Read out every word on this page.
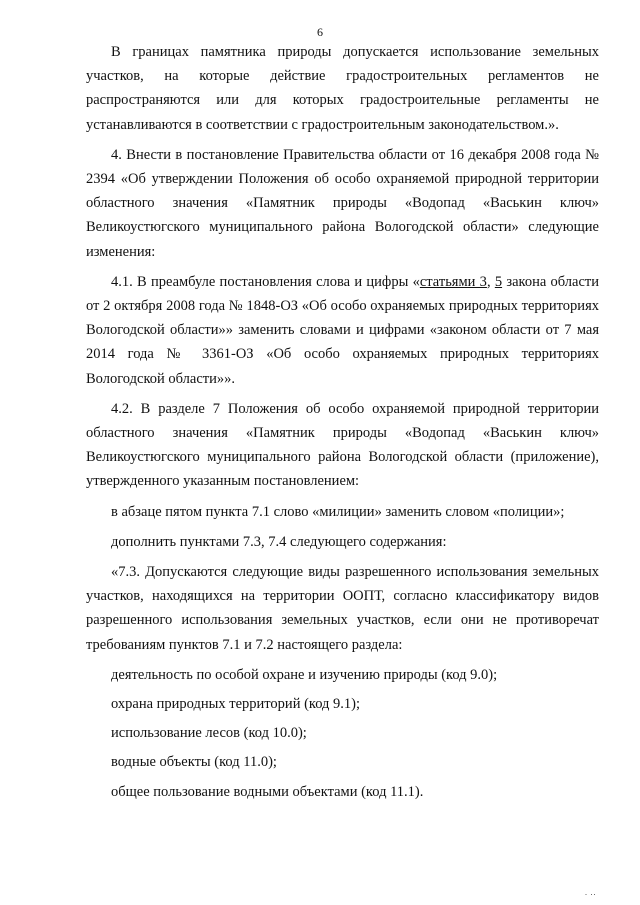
6

В границах памятника природы допускается использование земельных участков, на которые действие градостроительных регламентов не распространяются или для которых градостроительные регламенты не устанавливаются в соответствии с градостроительным законодательством.».

4. Внести в постановление Правительства области от 16 декабря 2008 года № 2394 «Об утверждении Положения об особо охраняемой природной территории областного значения «Памятник природы «Водопад «Васькин ключ» Великоустюгского муниципального района Вологодской области» следующие изменения:

4.1. В преамбуле постановления слова и цифры «статьями 3, 5 закона области от 2 октября 2008 года № 1848-ОЗ «Об особо охраняемых природных территориях Вологодской области»» заменить словами и цифрами «законом области от 7 мая 2014 года № 3361-ОЗ «Об особо охраняемых природных территориях Вологодской области»».

4.2. В разделе 7 Положения об особо охраняемой природной территории областного значения «Памятник природы «Водопад «Васькин ключ» Великоустюгского муниципального района Вологодской области (приложение), утвержденного указанным постановлением:

в абзаце пятом пункта 7.1 слово «милиции» заменить словом «полиции»;

дополнить пунктами 7.3, 7.4 следующего содержания:

«7.3. Допускаются следующие виды разрешенного использования земельных участков, находящихся на территории ООПТ, согласно классификатору видов разрешенного использования земельных участков, если они не противоречат требованиям пунктов 7.1 и 7.2 настоящего раздела:

деятельность по особой охране и изучению природы (код 9.0);

охрана природных территорий (код 9.1);

использование лесов (код 10.0);

водные объекты (код 11.0);

общее пользование водными объектами (код 11.1).

· ··
